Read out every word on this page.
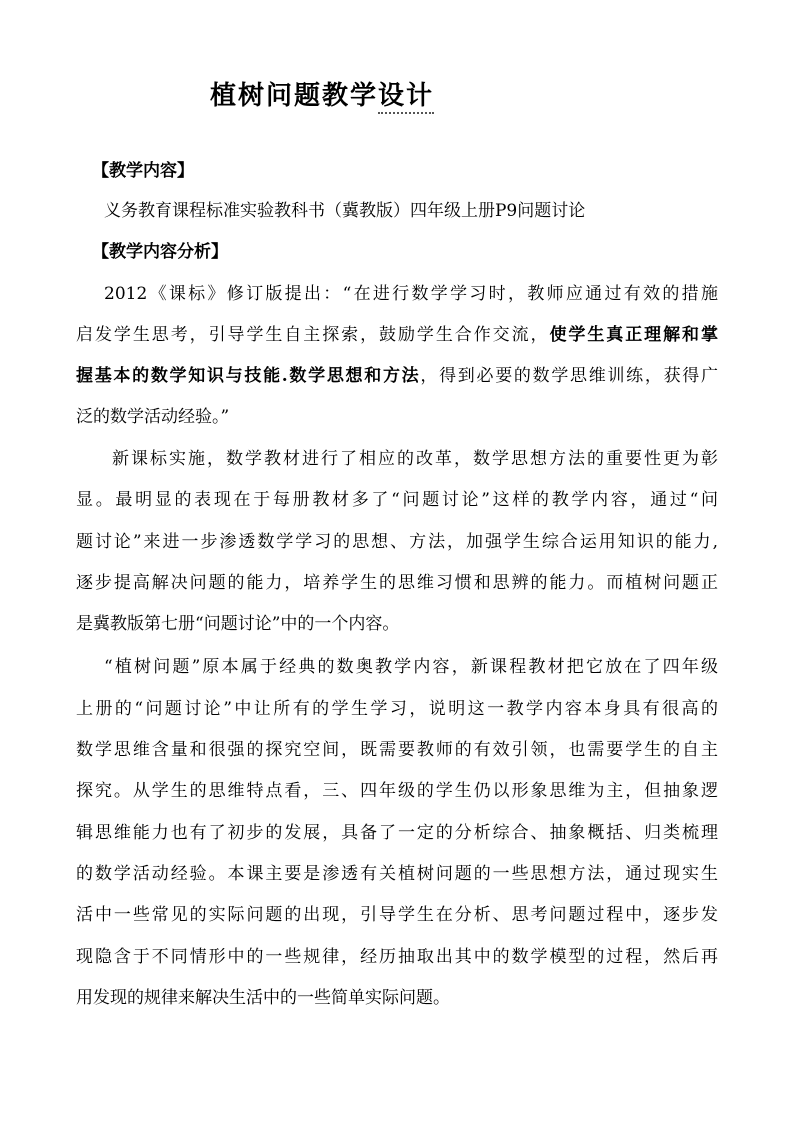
植树问题教学设计

【教学内容】

义务教育课程标准实验教科书（冀教版）四年级上册P9问题讨论

【教学内容分析】

2012《课标》修订版提出：“在进行数学学习时，教师应通过有效的措施

启发学生思考，引导学生自主探索，鼓励学生合作交流，使学生真正理解和掌

握基本的数学知识与技能.数学思想和方法，得到必要的数学思维训练，获得广

泛的数学活动经验。”

新课标实施，数学教材进行了相应的改革，数学思想方法的重要性更为彰

显。最明显的表现在于每册教材多了“问题讨论”这样的教学内容，通过“问

题讨论”来进一步渗透数学学习的思想、方法，加强学生综合运用知识的能力,

逐步提高解决问题的能力，培养学生的思维习惯和思辨的能力。而植树问题正

是冀教版第七册“问题讨论”中的一个内容。

“植树问题”原本属于经典的数奥教学内容，新课程教材把它放在了四年级

上册的“问题讨论”中让所有的学生学习，说明这一教学内容本身具有很高的

数学思维含量和很强的探究空间，既需要教师的有效引领，也需要学生的自主

探究。从学生的思维特点看，三、四年级的学生仍以形象思维为主，但抽象逻

辑思维能力也有了初步的发展，具备了一定的分析综合、抽象概括、归类梳理

的数学活动经验。本课主要是渗透有关植树问题的一些思想方法，通过现实生

活中一些常见的实际问题的出现，引导学生在分析、思考问题过程中，逐步发

现隐含于不同情形中的一些规律，经历抽取出其中的数学模型的过程，然后再

用发现的规律来解决生活中的一些简单实际问题。
